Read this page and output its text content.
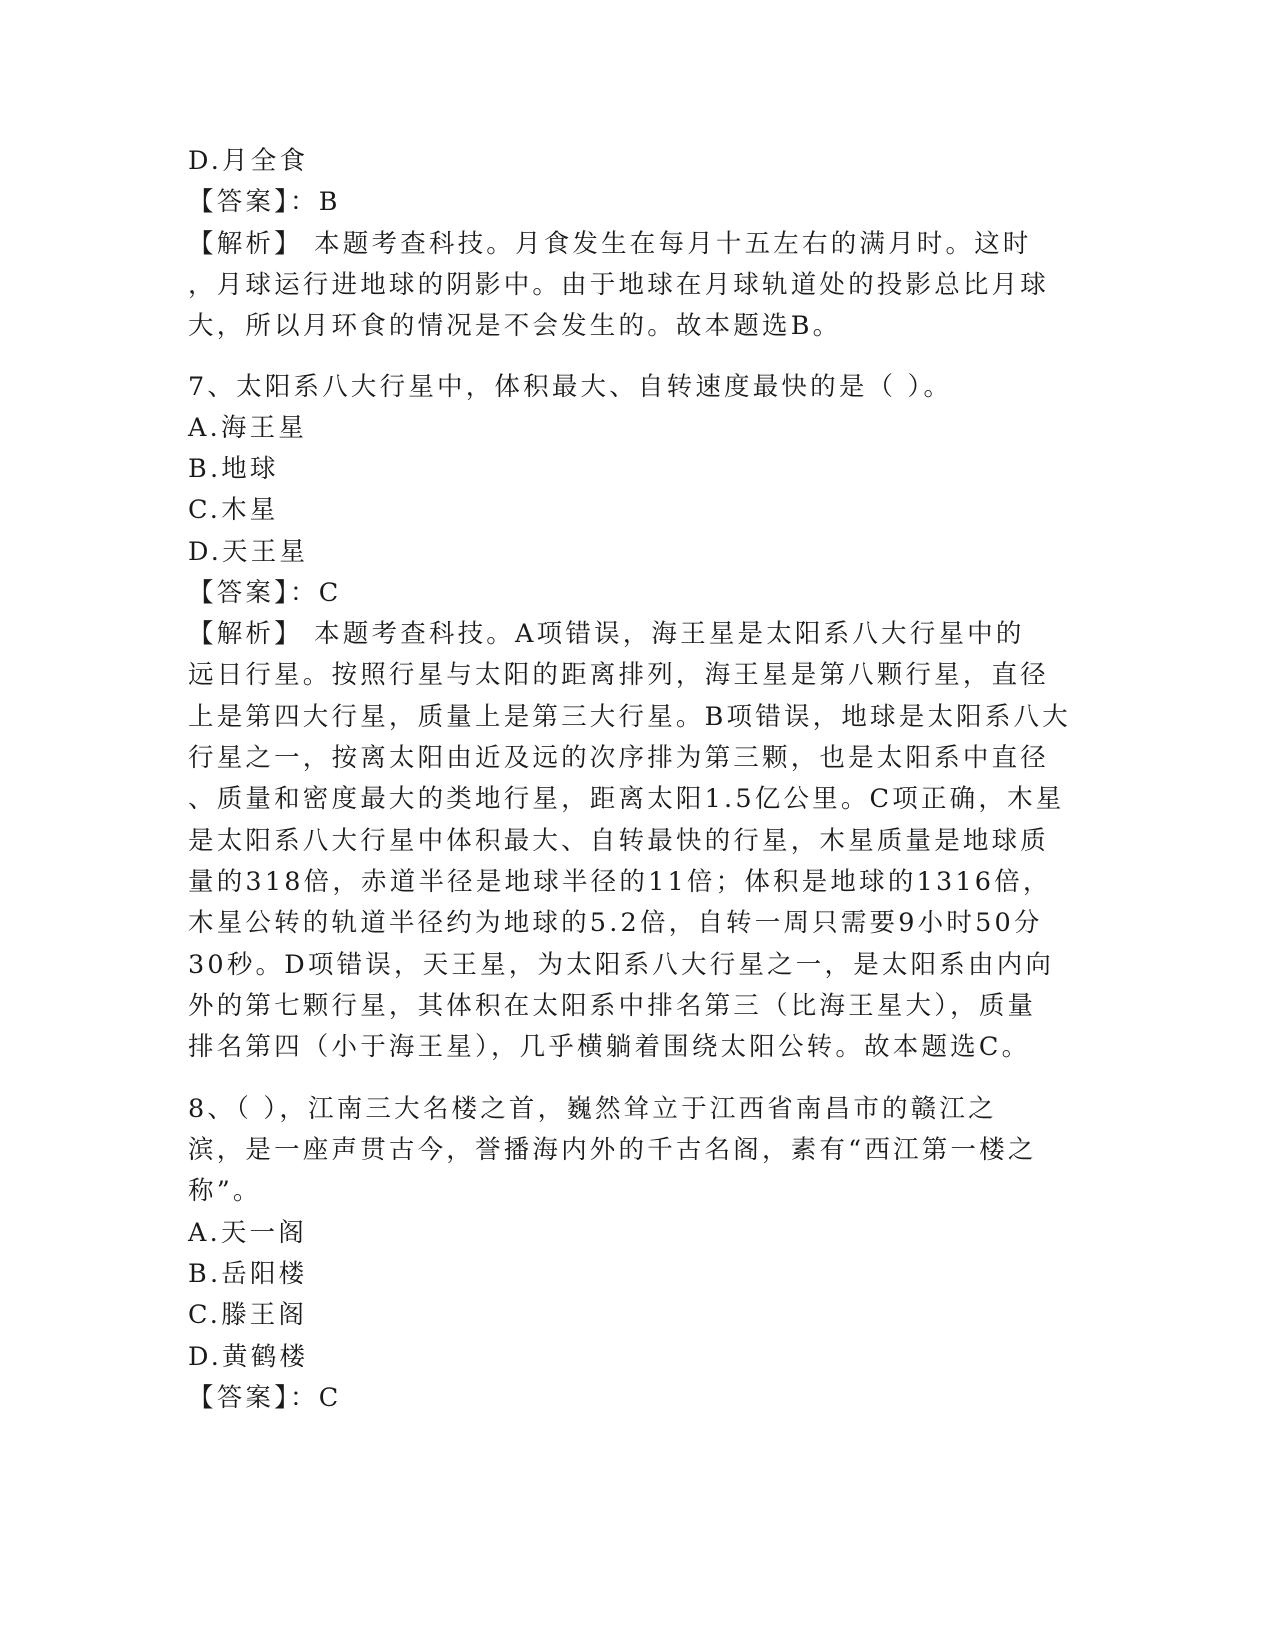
D.月全食
【答案】：B
【解析】 本题考查科技。月食发生在每月十五左右的满月时。这时
，月球运行进地球的阴影中。由于地球在月球轨道处的投影总比月球
大，所以月环食的情况是不会发生的。故本题选B。
7、太阳系八大行星中，体积最大、自转速度最快的是（ ）。
A.海王星
B.地球
C.木星
D.天王星
【答案】：C
【解析】 本题考查科技。A项错误，海王星是太阳系八大行星中的
远日行星。按照行星与太阳的距离排列，海王星是第八颗行星，直径
上是第四大行星，质量上是第三大行星。B项错误，地球是太阳系八大
行星之一，按离太阳由近及远的次序排为第三颗，也是太阳系中直径
、质量和密度最大的类地行星，距离太阳1.5亿公里。C项正确，木星
是太阳系八大行星中体积最大、自转最快的行星，木星质量是地球质
量的318倍，赤道半径是地球半径的11倍；体积是地球的1316倍，
木星公转的轨道半径约为地球的5.2倍，自转一周只需要9小时50分
30秒。D项错误，天王星，为太阳系八大行星之一，是太阳系由内向
外的第七颗行星，其体积在太阳系中排名第三（比海王星大），质量
排名第四（小于海王星），几乎横躺着围绕太阳公转。故本题选C。
8、（ ），江南三大名楼之首，巍然耸立于江西省南昌市的赣江之
滨，是一座声贯古今，誉播海内外的千古名阁，素有“西江第一楼之
称”。
A.天一阁
B.岳阳楼
C.滕王阁
D.黄鹤楼
【答案】：C
